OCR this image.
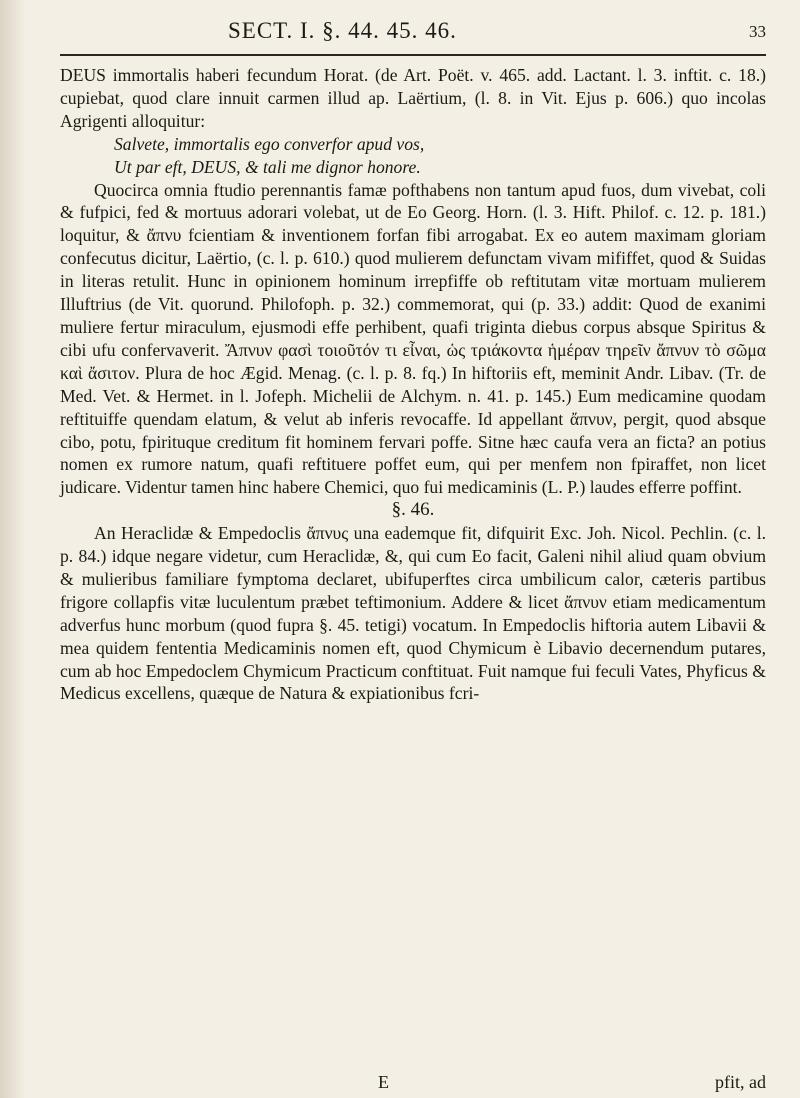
SECT. I. §. 44. 45. 46.	33

DEUS immortalis haberi fecundum Horat. (de Art. Poët. v. 465. add. Lactant. l. 3. inftit. c. 18.) cupiebat, quod clare innuit carmen illud ap. Laërtium, (l. 8. in Vit. Ejus p. 606.) quo incolas Agrigenti alloquitur:

Salvete, immortalis ego converfor apud vos,

Ut par eft, DEUS, & tali me dignor honore.

Quocirca omnia ftudio perennantis famæ pofthabens non tantum apud fuos, dum vivebat, coli & fufpici, fed & mortuus adorari volebat, ut de Eo Georg. Horn. (l. 3. Hift. Philof. c. 12. p. 181.) loquitur, & ἄπνυ fcientiam & inventionem forfan fibi arrogabat. Ex eo autem maximam gloriam confecutus dicitur, Laërtio, (c. l. p. 610.) quod mulierem defunctam vivam mififfet, quod & Suidas in literas retulit. Hunc in opinionem hominum irrepfiffe ob reftitutam vitæ mortuam mulierem Illuftrius (de Vit. quorund. Philofoph. p. 32.) commemorat, qui (p. 33.) addit: Quod de exanimi muliere fertur miraculum, ejusmodi effe perhibent, quafi triginta diebus corpus absque Spiritus & cibi ufu confervaverit. Ἄπνυν φασὶ τοιοῦτόν τι εἶναι, ὡς τριάκοντα ἡμέραν τηρεῖν ἄπνυν τὸ σῶμα καὶ ἄσιτον. Plura de hoc Ægid. Menag. (c. l. p. 8. fq.) In hiftoriis eft, meminit Andr. Libav. (Tr. de Med. Vet. & Hermet. in l. Jofeph. Michelii de Alchym. n. 41. p. 145.) Eum medicamine quodam reftituiffe quendam elatum, & velut ab inferis revocaffe. Id appellant ἄπνυν, pergit, quod absque cibo, potu, fpirituque creditum fit hominem fervari poffe. Sitne hæc caufa vera an ficta? an potius nomen ex rumore natum, quafi reftituere poffet eum, qui per menfem non fpiraffet, non licet judicare. Videntur tamen hinc habere Chemici, quo fui medicaminis (L. P.) laudes efferre poffint.

§. 46.

An Heraclidæ & Empedoclis ἄπνυς una eademque fit, difquirit Exc. Joh. Nicol. Pechlin. (c. l. p. 84.) idque negare videtur, cum Heraclidæ, &, qui cum Eo facit, Galeni nihil aliud quam obvium & mulieribus familiare fymptoma declaret, ubifuperftes circa umbilicum calor, cæteris partibus frigore collapfis vitæ luculentum præbet teftimonium. Addere & licet ἄπνυν etiam medicamentum adverfus hunc morbum (quod fupra §. 45. tetigi) vocatum. In Empedoclis hiftoria autem Libavii & mea quidem fententia Medicaminis nomen eft, quod Chymicum è Libavio decernendum putares, cum ab hoc Empedoclem Chymicum Practicum conftituat. Fuit namque fui feculi Vates, Phyficus & Medicus excellens, quæque de Natura & expiationibus fcri-

E	pfit, ad
